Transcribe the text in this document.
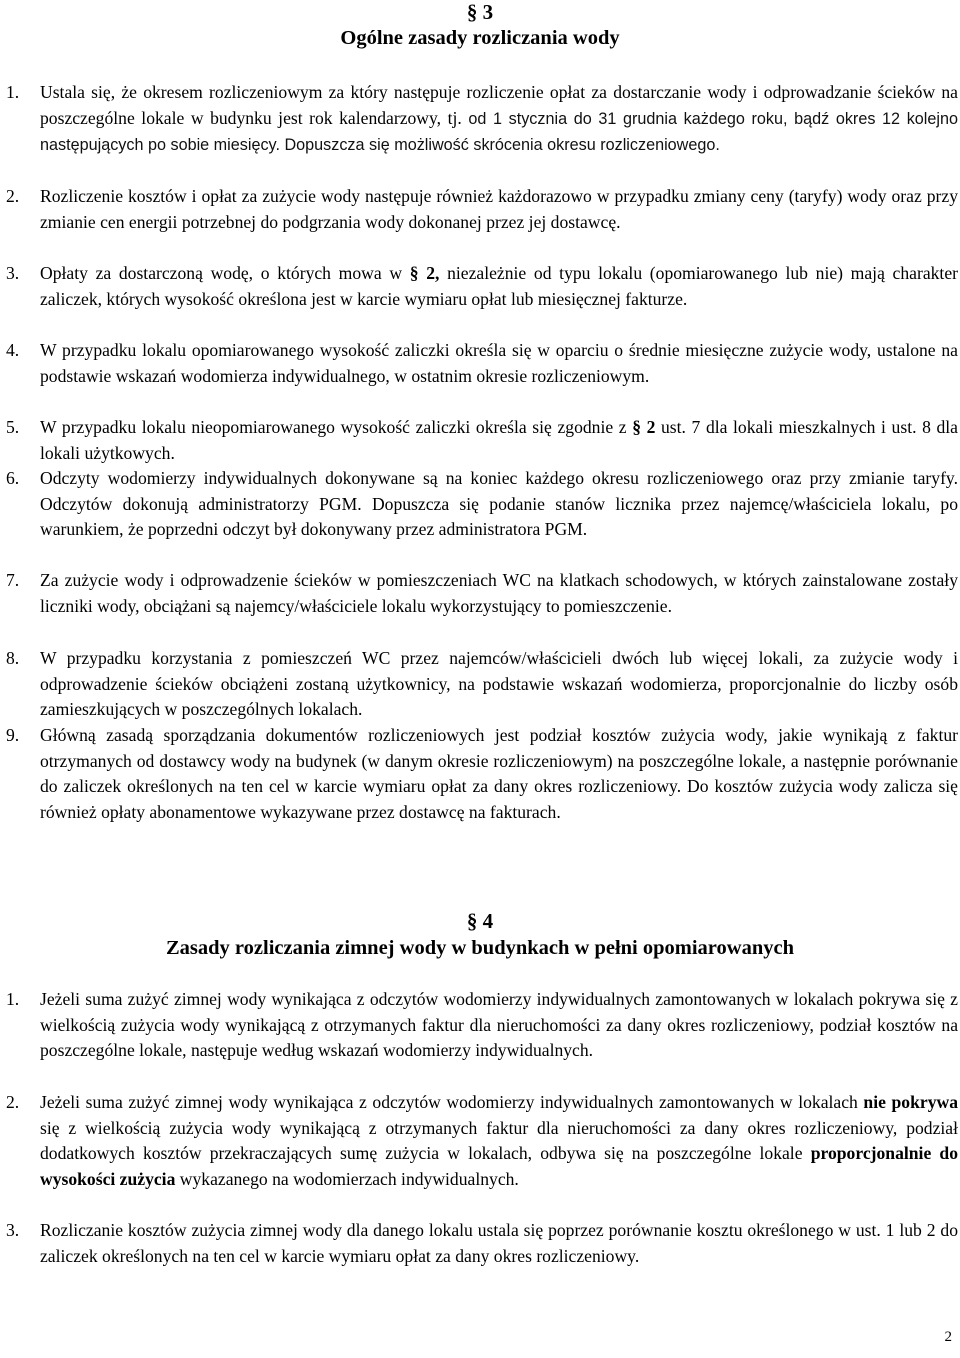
§ 3
Ogólne zasady rozliczania wody
1.	Ustala się, że okresem rozliczeniowym za który następuje rozliczenie opłat za dostarczanie wody i odprowadzanie ścieków na poszczególne lokale w budynku jest rok kalendarzowy, tj. od 1 stycznia do 31 grudnia każdego roku, bądź okres 12 kolejno następujących po sobie miesięcy. Dopuszcza się możliwość skrócenia okresu rozliczeniowego.
2.	Rozliczenie kosztów i opłat za zużycie wody następuje również każdorazowo w przypadku zmiany ceny (taryfy) wody oraz przy zmianie cen energii potrzebnej do podgrzania wody dokonanej przez jej dostawcę.
3.	Opłaty za dostarczoną wodę, o których mowa w § 2, niezależnie od typu lokalu (opomiarowanego lub nie) mają charakter zaliczek, których wysokość określona jest w karcie wymiaru opłat lub miesięcznej fakturze.
4.	W przypadku lokalu opomiarowanego wysokość zaliczki określa się w oparciu o średnie miesięczne zużycie wody, ustalone na podstawie wskazań wodomierza indywidualnego, w ostatnim okresie rozliczeniowym.
5.	W przypadku lokalu nieopomiarowanego wysokość zaliczki określa się zgodnie z § 2 ust. 7 dla lokali mieszkalnych i ust. 8 dla lokali użytkowych.
6.	Odczyty wodomierzy indywidualnych dokonywane są na koniec każdego okresu rozliczeniowego oraz przy zmianie taryfy. Odczytów dokonują administratorzy PGM. Dopuszcza się podanie stanów licznika przez najemcę/właściciela lokalu, po warunkiem, że poprzedni odczyt był dokonywany przez administratora PGM.
7.	Za zużycie wody i odprowadzenie ścieków w pomieszczeniach WC na klatkach schodowych, w których zainstalowane zostały liczniki wody, obciążani są najemcy/właściciele lokalu wykorzystujący to pomieszczenie.
8.	W przypadku korzystania z pomieszczeń WC przez najemców/właścicieli dwóch lub więcej lokali, za zużycie wody i odprowadzenie ścieków obciążeni zostaną użytkownicy, na podstawie wskazań wodomierza, proporcjonalnie do liczby osób zamieszkujących w poszczególnych lokalach.
9.	Główną zasadą sporządzania dokumentów rozliczeniowych jest podział kosztów zużycia wody, jakie wynikają z faktur otrzymanych od dostawcy wody na budynek (w danym okresie rozliczeniowym) na poszczególne lokale, a następnie porównanie do zaliczek określonych na ten cel w karcie wymiaru opłat za dany okres rozliczeniowy. Do kosztów zużycia wody zalicza się również opłaty abonamentowe wykazywane przez dostawcę na fakturach.
§ 4
Zasady rozliczania zimnej wody w budynkach w pełni opomiarowanych
1.	Jeżeli suma zużyć zimnej wody wynikająca z odczytów wodomierzy indywidualnych zamontowanych w lokalach pokrywa się z wielkością zużycia wody wynikającą z otrzymanych faktur dla nieruchomości za dany okres rozliczeniowy, podział kosztów na poszczególne lokale, następuje według wskazań wodomierzy indywidualnych.
2.	Jeżeli suma zużyć zimnej wody wynikająca z odczytów wodomierzy indywidualnych zamontowanych w lokalach nie pokrywa się z wielkością zużycia wody wynikającą z otrzymanych faktur dla nieruchomości za dany okres rozliczeniowy, podział dodatkowych kosztów przekraczających sumę zużycia w lokalach, odbywa się na poszczególne lokale proporcjonalnie do wysokości zużycia wykazanego na wodomierzach indywidualnych.
3.	Rozliczanie kosztów zużycia zimnej wody dla danego lokalu ustala się poprzez porównanie kosztu określonego w ust. 1 lub 2 do zaliczek określonych na ten cel w karcie wymiaru opłat za dany okres rozliczeniowy.
2
